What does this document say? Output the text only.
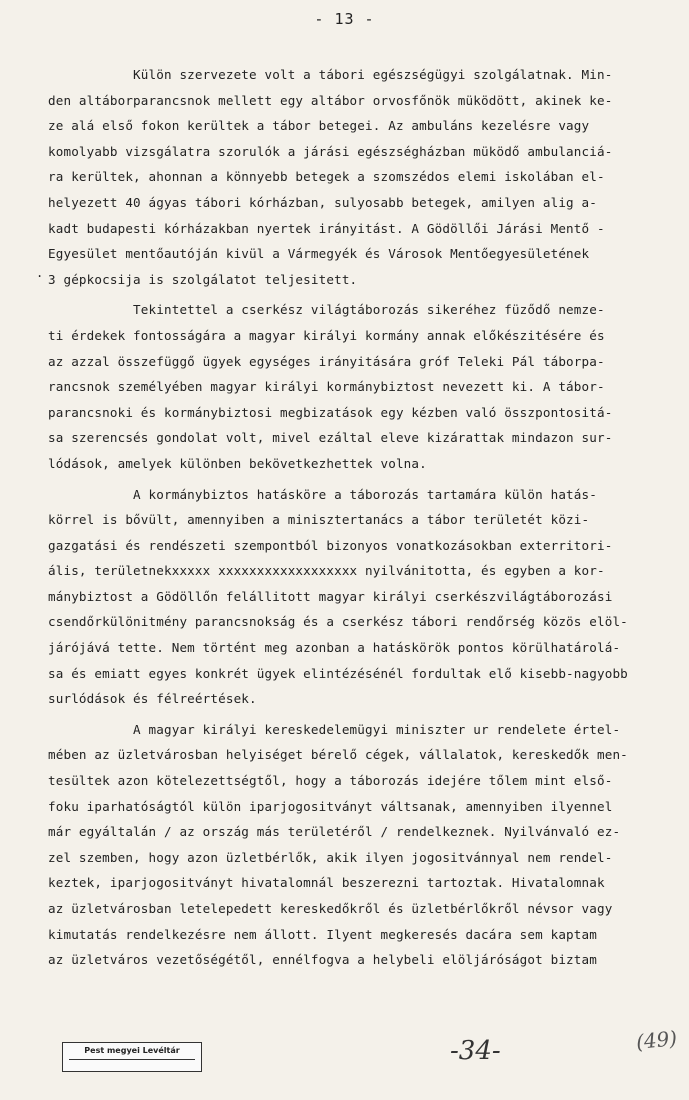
- 13 -
.
Külön szervezete volt a tábori egészségügyi szolgálatnak. Min-
den altáborparancsnok mellett egy altábor orvosfőnök müködött, akinek ke-
ze alá első fokon kerültek a tábor betegei. Az ambuláns kezelésre vagy
komolyabb vizsgálatra szorulók a járási egészségházban müködő ambulanciá-
ra kerültek, ahonnan a könnyebb betegek a szomszédos elemi iskolában el-
helyezett 40 ágyas tábori kórházban, sulyosabb betegek, amilyen alig a-
kadt budapesti kórházakban nyertek irányitást. A Gödöllői Járási Mentő -
Egyesület mentőautóján kivül a Vármegyék és Városok Mentőegyesületének
3 gépkocsija is szolgálatot teljesitett.
Tekintettel a cserkész világtáborozás sikeréhez füződő nemze-
ti érdekek fontosságára a magyar királyi kormány annak előkészitésére és
az azzal összefüggő ügyek egységes irányitására gróf Teleki Pál táborpa-
rancsnok személyében magyar királyi kormánybiztost nevezett ki. A tábor-
parancsnoki és kormánybiztosi megbizatások egy kézben való összpontositá-
sa szerencsés gondolat volt, mivel ezáltal eleve kizárattak mindazon sur-
lódások, amelyek különben bekövetkezhettek volna.
A kormánybiztos hatásköre a táborozás tartamára külön hatás-
körrel is bővült, amennyiben a minisztertanács a tábor területét közi-
gazgatási és rendészeti szempontból bizonyos vonatkozásokban exterritori-
ális, területnekxxxxx xxxxxxxxxxxxxxxxxx nyilvánitotta, és egyben a kor-
mánybiztost a Gödöllőn felállitott magyar királyi cserkészvilágtáborozási
csendőrkülönitmény parancsnokság és a cserkész tábori rendőrség közös elöl-
járójává tette. Nem történt meg azonban a hatáskörök pontos körülhatárolá-
sa és emiatt egyes konkrét ügyek elintézésénél fordultak elő kisebb-nagyobb
surlódások és félreértések.
A magyar királyi kereskedelemügyi miniszter ur rendelete értel-
mében az üzletvárosban helyiséget bérelő cégek, vállalatok, kereskedők men-
tesültek azon kötelezettségtől, hogy a táborozás idejére tőlem mint első-
foku iparhatóságtól külön iparjogositványt váltsanak, amennyiben ilyennel
már egyáltalán / az ország más területéről / rendelkeznek. Nyilvánvaló ez-
zel szemben, hogy azon üzletbérlők, akik ilyen jogositvánnyal nem rendel-
keztek, iparjogositványt hivatalomnál beszerezni tartoztak. Hivatalomnak
az üzletvárosban letelepedett kereskedőkről és üzletbérlőkről névsor vagy
kimutatás rendelkezésre nem állott. Ilyent megkeresés dacára sem kaptam
az üzletváros vezetőségétől, ennélfogva a helybeli elöljáróságot biztam
Pest megyei Levéltár	-34-	(49)
